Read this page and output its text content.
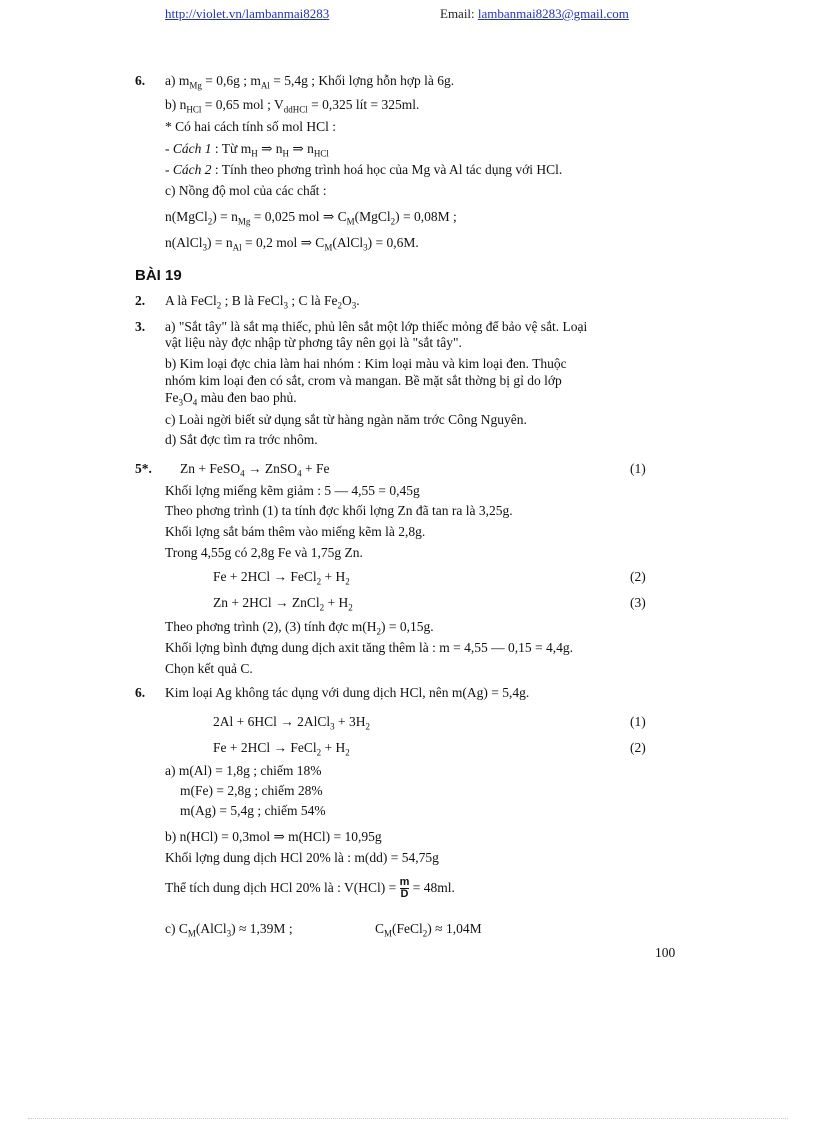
http://violet.vn/lambanmai8283	Email: lambanmai8283@gmail.com
6. a) $m_{Mg} = 0,6g$ ; $m_{Al} = 5,4g$ ; Khối lợng hỗn hợp là 6g.
b) $n_{HCl} = 0,65$ mol ; $V_{ddHCl} = 0,325$ lít = 325ml.
* Có hai cách tính số mol HCl :
- Cách 1 : Từ $m_H$ ⇒ $n_H$ ⇒ $n_{HCl}$
- Cách 2 : Tính theo phơng trình hoá học của Mg và Al tác dụng với HCl.
c) Nồng độ mol của các chất :
n(MgCl$_2$) = $n_{Mg} = 0,025$ mol ⇒ $C_M(MgCl_2) = 0,08M$ ;
n(AlCl$_3$) = $n_{Al} = 0,2$ mol ⇒ $C_M(AlCl_3) = 0,6M$.
BÀI 19
2. A là FeCl$_2$ ; B là FeCl$_3$ ; C là $Fe_2O_3$.
3. a) "Sắt tây" là sắt mạ thiếc, phủ lên sắt một lớp thiếc mỏng để bảo vệ sắt. Loại
vật liệu này đợc nhập từ phơng tây nên gọi là "sắt tây".
b) Kim loại đợc chia làm hai nhóm : Kim loại màu và kim loại đen. Thuộc
nhóm kim loại đen có sắt, crom và mangan. Bề mặt sắt thờng bị gỉ do lớp
$Fe_3O_4$ màu đen bao phủ.
c) Loài ngời biết sử dụng sắt từ hàng ngàn năm trớc Công Nguyên.
d) Sắt đợc tìm ra trớc nhôm.
5*. Zn + FeSO$_4$ → ZnSO$_4$ + Fe	(1)
Khối lợng miếng kẽm giảm : 5 — 4,55 = 0,45g
Theo phơng trình (1) ta tính đợc khối lợng Zn đã tan ra là 3,25g.
Khối lợng sắt bám thêm vào miếng kẽm là 2,8g.
Trong 4,55g có 2,8g Fe và 1,75g Zn.
Fe + 2HCl → FeCl$_2$ + $H_2$	(2)
Zn + 2HCl → ZnCl$_2$ + $H_2$	(3)
Theo phơng trình (2), (3) tính đợc $m(H_2) = 0,15g$.
Khối lợng bình đựng dung dịch axit tăng thêm là : m = 4,55 — 0,15 = 4,4g.
Chọn kết quả C.
6. Kim loại Ag không tác dụng với dung dịch HCl, nên m(Ag) = 5,4g.
2Al + 6HCl → 2AlCl$_3$ + $3H_2$	(1)
Fe + 2HCl → FeCl$_2$ + $H_2$	(2)
a) m(Al) = 1,8g ; chiếm 18%
m(Fe) = 2,8g ; chiếm 28%
m(Ag) = 5,4g ; chiếm 54%
b) n(HCl) = 0,3mol ⇒ m(HCl) = 10,95g
Khối lợng dung dịch HCl 20% là : m(dd) = 54,75g
Thể tích dung dịch HCl 20% là : $V(HCl) = \frac{m}{D} = 48ml$.
c) $C_M(AlCl_3) \approx 1,39M$ ;	$C_M(FeCl_2) \approx 1,04M$
100
